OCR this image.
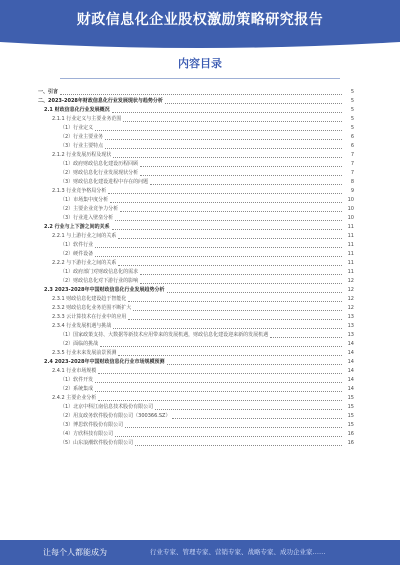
财政信息化企业股权激励策略研究报告
内容目录
一、引言	5
二、2023-2028年财政信息化行业发展现状与趋势分析	5
2.1 财政信息化行业发展概况	5
2.1.1 行业定义与主要业务范围	5
（1）行业定义	5
（2）行业主要业务	6
（3）行业主要特点	6
2.1.2 行业发展历程及现状	7
（1）政府财政信息化建设历程回顾	7
（2）财政信息化行业发展现状分析	7
（3）财政信息化建设进程中存在的问题	8
2.1.3 行业竞争格局分析	9
（1）市场集中度分析	10
（2）主要企业竞争力分析	10
（3）行业进入壁垒分析	10
2.2 行业与上下游之间的关系	11
2.2.1 与上游行业之间的关系	11
（1）软件行业	11
（2）硬件设备	11
2.2.2 与下游行业之间的关系	11
（1）政府部门对财政信息化的需求	11
（2）财政信息化对下游行业的影响	12
2.3 2023-2028年中国财政信息化行业发展趋势分析	12
2.3.1 财政信息化建设趋于智能化	12
2.3.2 财政信息化业务范围不断扩大	12
2.3.3 云计算技术在行业中的应用	13
2.3.4 行业发展机遇与挑战	13
（1）国家政策支持、大数据等新技术应用带来的发展机遇，财政信息化建设迎来新的发展机遇	13
（2）面临的挑战	14
2.3.5 行业未来发展前景预测	14
2.4 2023-2028年中国财政信息化行业市场规模预测	14
2.4.1 行业市场规模	14
（1）软件开发	14
（2）系统集成	14
2.4.2 主要企业分析	15
（1）北京中科江南信息技术股份有限公司	15
（2）用友政务软件股份有限公司（300366.SZ）	15
（3）博思软件股份有限公司	15
（4）方欣科技有限公司	16
（5）山东浪潮软件股份有限公司	16
让每个人都能成为	行业专家、管理专家、营销专家、战略专家、成功企业家……
